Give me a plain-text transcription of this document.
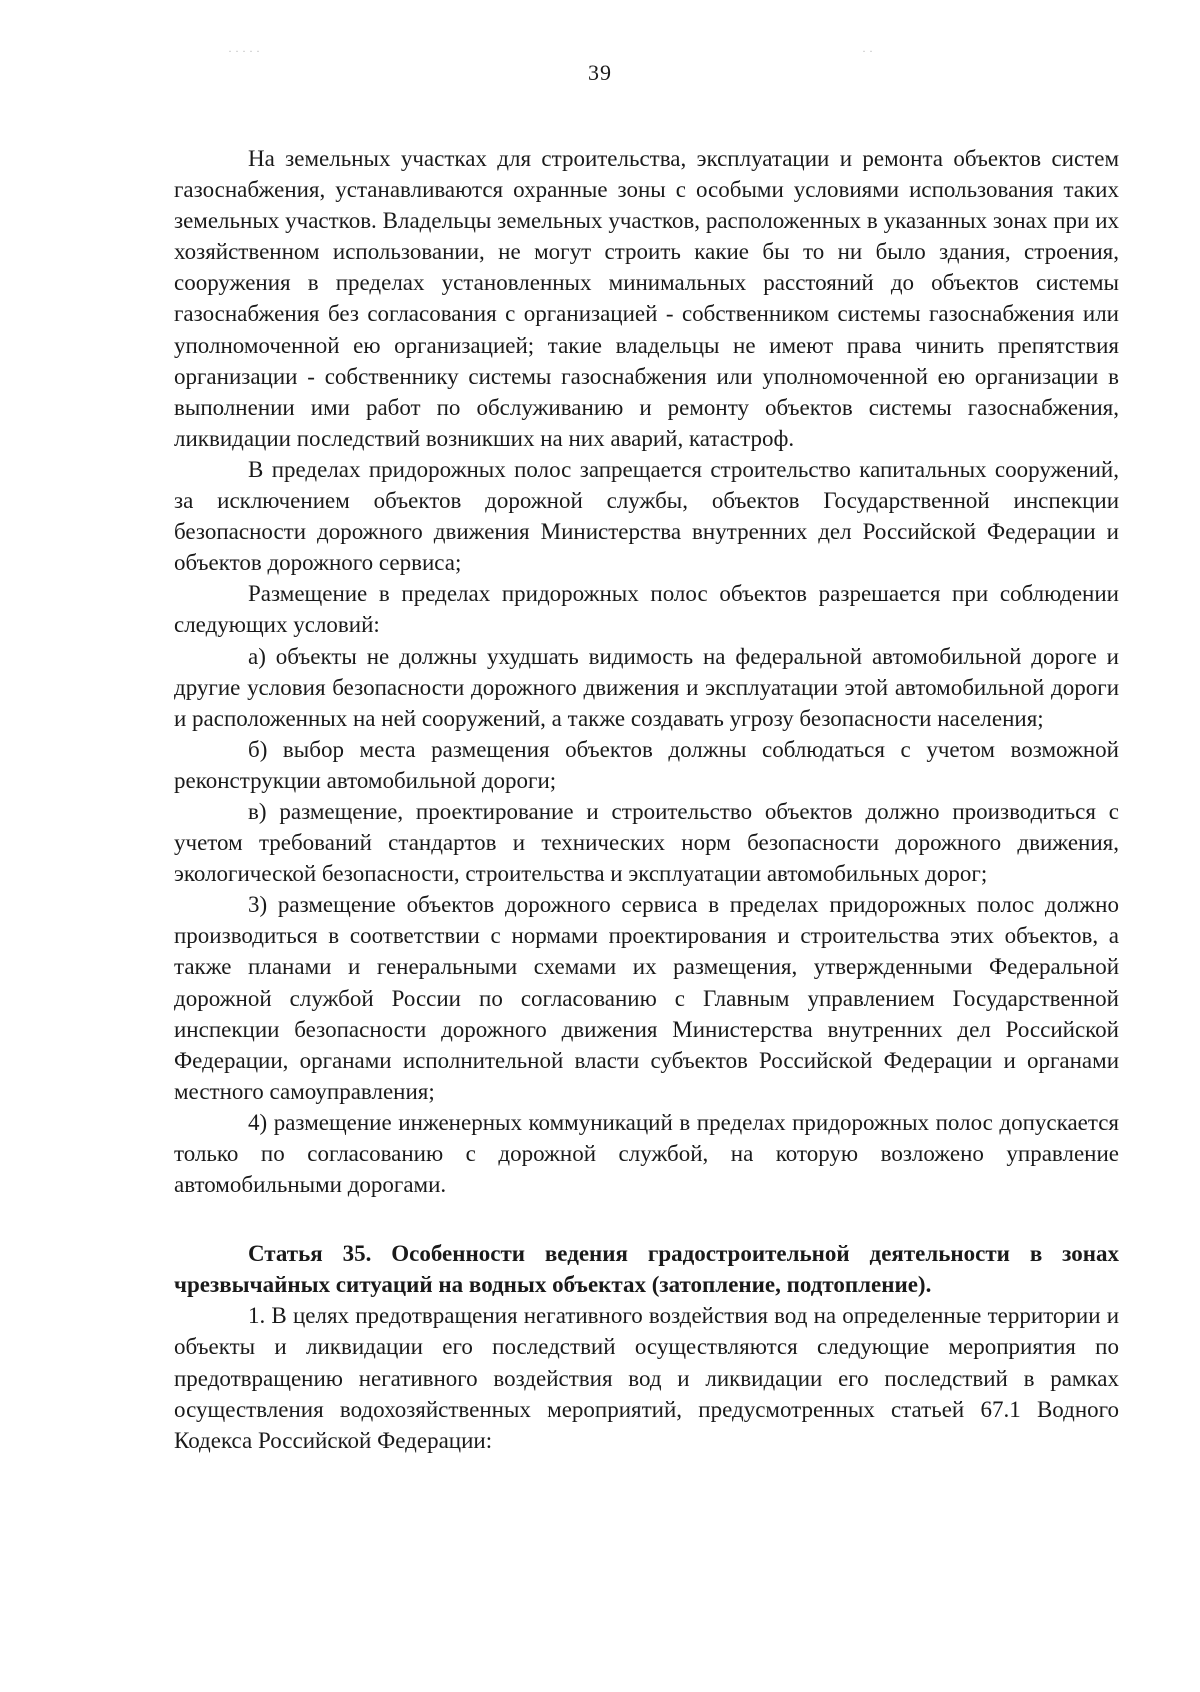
39

На земельных участках для строительства, эксплуатации и ремонта объектов систем газоснабжения, устанавливаются охранные зоны с особыми условиями использования таких земельных участков. Владельцы земельных участков, расположенных в указанных зонах при их хозяйственном использовании, не могут строить какие бы то ни было здания, строения, сооружения в пределах установленных минимальных расстояний до объектов системы газоснабжения без согласования с организацией - собственником системы газоснабжения или уполномоченной ею организацией; такие владельцы не имеют права чинить препятствия организации - собственнику системы газоснабжения или уполномоченной ею организации в выполнении ими работ по обслуживанию и ремонту объектов системы газоснабжения, ликвидации последствий возникших на них аварий, катастроф.

В пределах придорожных полос запрещается строительство капитальных сооружений, за исключением объектов дорожной службы, объектов Государственной инспекции безопасности дорожного движения Министерства внутренних дел Российской Федерации и объектов дорожного сервиса;

Размещение в пределах придорожных полос объектов разрешается при соблюдении следующих условий:

а) объекты не должны ухудшать видимость на федеральной автомобильной дороге и другие условия безопасности дорожного движения и эксплуатации этой автомобильной дороги и расположенных на ней сооружений, а также создавать угрозу безопасности населения;

б) выбор места размещения объектов должны соблюдаться с учетом возможной реконструкции автомобильной дороги;

в) размещение, проектирование и строительство объектов должно производиться с учетом требований стандартов и технических норм безопасности дорожного движения, экологической безопасности, строительства и эксплуатации автомобильных дорог;

3) размещение объектов дорожного сервиса в пределах придорожных полос должно производиться в соответствии с нормами проектирования и строительства этих объектов, а также планами и генеральными схемами их размещения, утвержденными Федеральной дорожной службой России по согласованию с Главным управлением Государственной инспекции безопасности дорожного движения Министерства внутренних дел Российской Федерации, органами исполнительной власти субъектов Российской Федерации и органами местного самоуправления;

4) размещение инженерных коммуникаций в пределах придорожных полос допускается только по согласованию с дорожной службой, на которую возложено управление автомобильными дорогами.

Статья 35. Особенности ведения градостроительной деятельности в зонах чрезвычайных ситуаций на водных объектах (затопление, подтопление).

1. В целях предотвращения негативного воздействия вод на определенные территории и объекты и ликвидации его последствий осуществляются следующие мероприятия по предотвращению негативного воздействия вод и ликвидации его последствий в рамках осуществления водохозяйственных мероприятий, предусмотренных статьей 67.1 Водного Кодекса Российской Федерации:

· · · · ·	· ·
